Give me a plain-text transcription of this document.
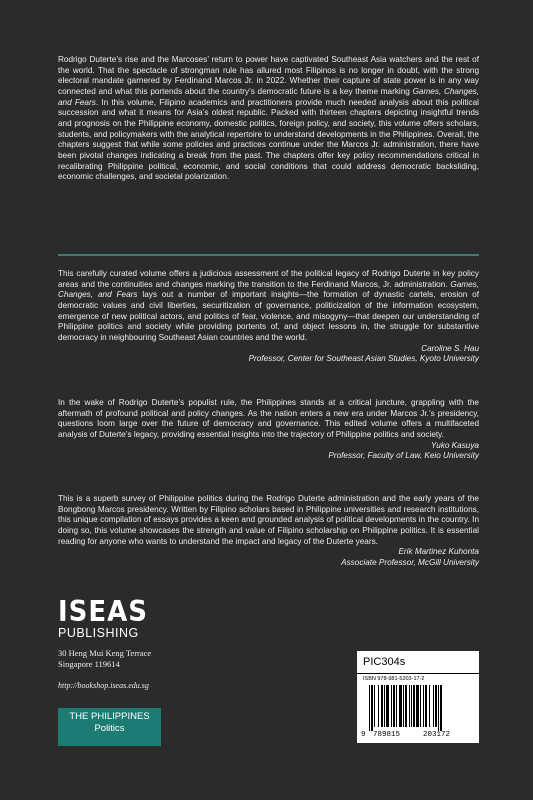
Rodrigo Duterte’s rise and the Marcoses’ return to power have captivated Southeast Asia watchers and the rest of the world. That the spectacle of strongman rule has allured most Filipinos is no longer in doubt, with the strong electoral mandate garnered by Ferdinand Marcos Jr. in 2022. Whether their capture of state power is in any way connected and what this portends about the country’s democratic future is a key theme marking Games, Changes, and Fears. In this volume, Filipino academics and practitioners provide much needed analysis about this political succession and what it means for Asia’s oldest republic. Packed with thirteen chapters depicting insightful trends and prognosis on the Philippine economy, domestic politics, foreign policy, and society, this volume offers scholars, students, and policymakers with the analytical repertoire to understand developments in the Philippines. Overall, the chapters suggest that while some policies and practices continue under the Marcos Jr. administration, there have been pivotal changes indicating a break from the past. The chapters offer key policy recommendations critical in recalibrating Philippine political, economic, and social conditions that could address democratic backsliding, economic challenges, and societal polarization.

This carefully curated volume offers a judicious assessment of the political legacy of Rodrigo Duterte in key policy areas and the continuities and changes marking the transition to the Ferdinand Marcos, Jr. administration. Games, Changes, and Fears lays out a number of important insights—the formation of dynastic cartels, erosion of democratic values and civil liberties, securitization of governance, politicization of the information ecosystem, emergence of new political actors, and politics of fear, violence, and misogyny—that deepen our understanding of Philippine politics and society while providing portents of, and object lessons in, the struggle for substantive democracy in neighbouring Southeast Asian countries and the world.

Caroline S. Hau
Professor, Center for Southeast Asian Studies, Kyoto University

In the wake of Rodrigo Duterte’s populist rule, the Philippines stands at a critical juncture, grappling with the aftermath of profound political and policy changes. As the nation enters a new era under Marcos Jr.’s presidency, questions loom large over the future of democracy and governance. This edited volume offers a multifaceted analysis of Duterte’s legacy, providing essential insights into the trajectory of Philippine politics and society.

Yuko Kasuya
Professor, Faculty of Law, Keio University

This is a superb survey of Philippine politics during the Rodrigo Duterte administration and the early years of the Bongbong Marcos presidency. Written by Filipino scholars based in Philippine universities and research institutions, this unique compilation of essays provides a keen and grounded analysis of political developments in the country. In doing so, this volume showcases the strength and value of Filipino scholarship on Philippine politics. It is essential reading for anyone who wants to understand the impact and legacy of the Duterte years.

Erik Martinez Kuhonta
Associate Professor, McGill University
ISEAS
PUBLISHING
30 Heng Mui Keng Terrace
Singapore 119614
http://bookshop.iseas.edu.sg
THE PHILIPPINES
Politics
PIC304s
ISBN 978-981-5203-17-2
9 789815	203172
